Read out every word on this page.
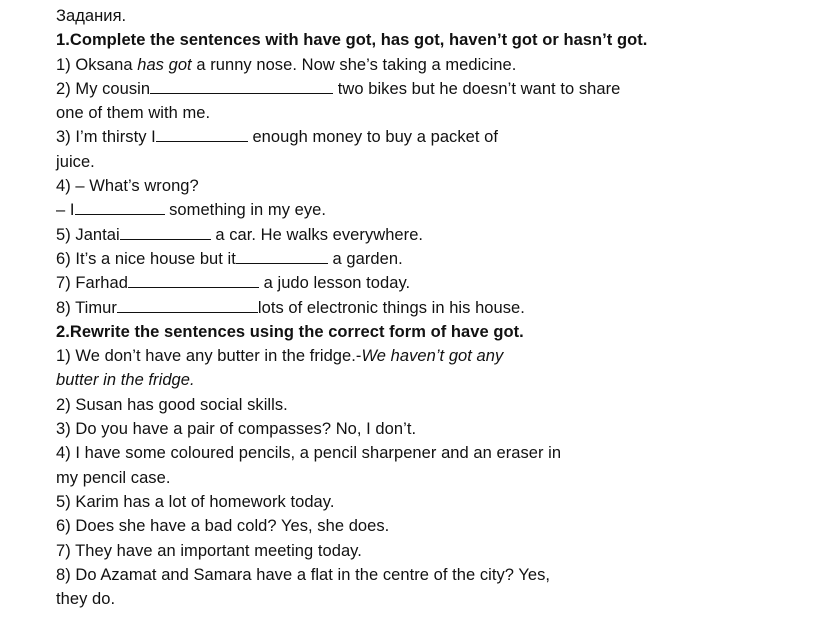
Задания.
1.Complete the sentences with have got, has got, haven’t got or hasn’t got.
1) Oksana has got a runny nose. Now she’s taking a medicine.
2) My cousin	two bikes but he doesn’t want to share
one of them with me.
3) I’m thirsty I	enough money to buy a packet of
juice.
4) – What’s wrong?
– I	something in my eye.
5) Jantai	a car. He walks everywhere.
6) It’s a nice house but it	a garden.
7) Farhad	a judo lesson today.
8) Timur	lots of electronic things in his house.
2.Rewrite the sentences using the correct form of have got.
1) We don’t have any butter in the fridge.-We haven’t got any
butter in the fridge.
2) Susan has good social skills.
3) Do you have a pair of compasses? No, I don’t.
4) I have some coloured pencils, a pencil sharpener and an eraser in
my pencil case.
5) Karim has a lot of homework today.
6) Does she have a bad cold? Yes, she does.
7) They have an important meeting today.
8) Do Azamat and Samara have a flat in the centre of the city? Yes,
they do.
